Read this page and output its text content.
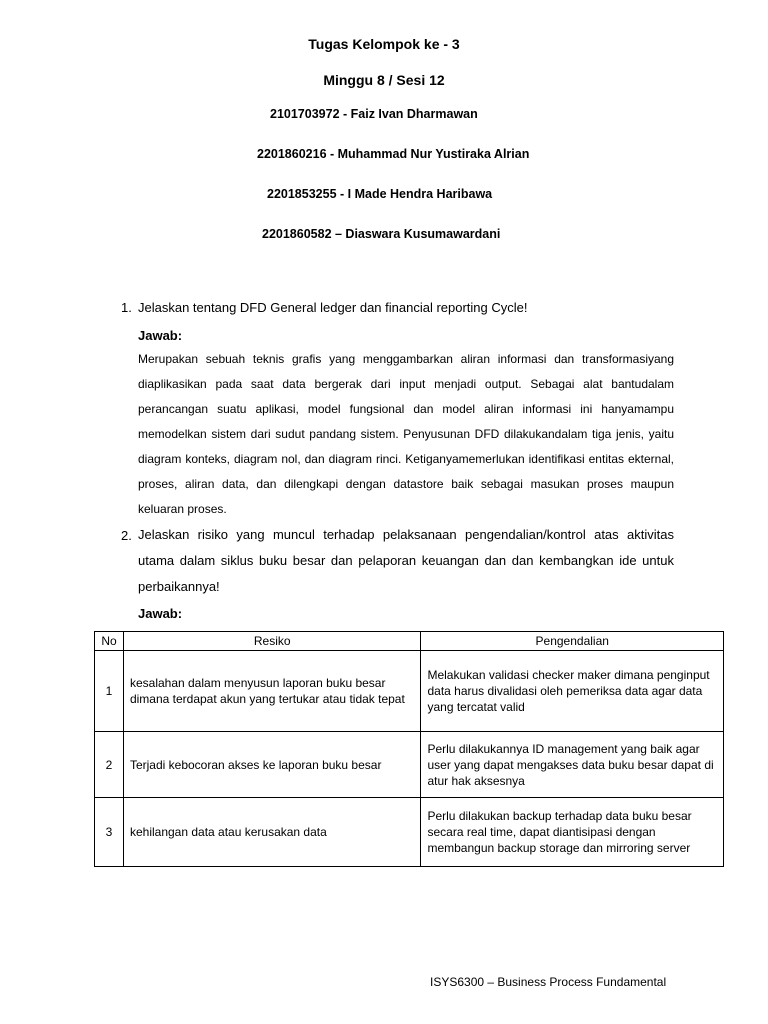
Tugas Kelompok ke - 3
Minggu 8 / Sesi 12
2101703972 - Faiz Ivan Dharmawan
2201860216 - Muhammad Nur Yustiraka Alrian
2201853255 - I Made Hendra Haribawa
2201860582 – Diaswara Kusumawardani
1. Jelaskan tentang DFD General ledger dan financial reporting Cycle!
Jawab:
Merupakan sebuah teknis grafis yang menggambarkan aliran informasi dan transformasiyang diaplikasikan pada saat data bergerak dari input menjadi output. Sebagai alat bantudalam perancangan suatu aplikasi, model fungsional dan model aliran informasi ini hanyamampu memodelkan sistem dari sudut pandang sistem. Penyusunan DFD dilakukandalam tiga jenis, yaitu diagram konteks, diagram nol, dan diagram rinci. Ketiganyamemerlukan identifikasi entitas ekternal, proses, aliran data, dan dilengkapi dengan datastore baik sebagai masukan proses maupun keluaran proses.
2. Jelaskan risiko yang muncul terhadap pelaksanaan pengendalian/kontrol atas aktivitas utama dalam siklus buku besar dan pelaporan keuangan dan dan kembangkan ide untuk perbaikannya!
Jawab:
No	Resiko	Pengendalian
1	kesalahan dalam menyusun laporan buku besar dimana terdapat akun yang tertukar atau tidak tepat	Melakukan validasi checker maker dimana penginput data harus divalidasi oleh pemeriksa data agar data yang tercatat valid
2	Terjadi kebocoran akses ke laporan buku besar	Perlu dilakukannya ID management yang baik agar user yang dapat mengakses data buku besar dapat di atur hak aksesnya
3	kehilangan data atau kerusakan data	Perlu dilakukan backup terhadap data buku besar secara real time, dapat diantisipasi dengan membangun backup storage dan mirroring server
ISYS6300 – Business Process Fundamental
